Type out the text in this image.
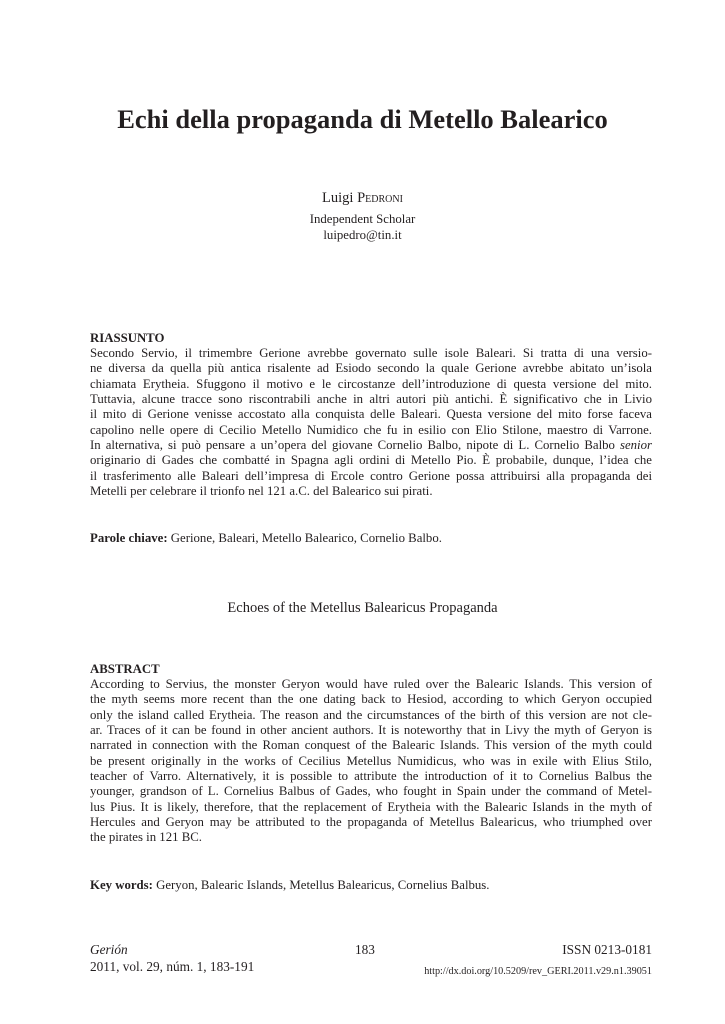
Echi della propaganda di Metello Balearico
Luigi Pedroni
Independent Scholar
luipedro@tin.it
RIASSUNTO
Secondo Servio, il trimembre Gerione avrebbe governato sulle isole Baleari. Si tratta di una versio-
ne diversa da quella più antica risalente ad Esiodo secondo la quale Gerione avrebbe abitato un’isola
chiamata Erytheia. Sfuggono il motivo e le circostanze dell’introduzione di questa versione del mito.
Tuttavia, alcune tracce sono riscontrabili anche in altri autori più antichi. È significativo che in Livio
il mito di Gerione venisse accostato alla conquista delle Baleari. Questa versione del mito forse faceva
capolino nelle opere di Cecilio Metello Numidico che fu in esilio con Elio Stilone, maestro di Varrone.
In alternativa, si può pensare a un’opera del giovane Cornelio Balbo, nipote di L. Cornelio Balbo senior
originario di Gades che combatté in Spagna agli ordini di Metello Pio. È probabile, dunque, l’idea che
il trasferimento alle Baleari dell’impresa di Ercole contro Gerione possa attribuirsi alla propaganda dei
Metelli per celebrare il trionfo nel 121 a.C. del Balearico sui pirati.
Parole chiave: Gerione, Baleari, Metello Balearico, Cornelio Balbo.
Echoes of the Metellus Balearicus Propaganda
ABSTRACT
According to Servius, the monster Geryon would have ruled over the Balearic Islands. This version of
the myth seems more recent than the one dating back to Hesiod, according to which Geryon occupied
only the island called Erytheia. The reason and the circumstances of the birth of this version are not cle-
ar. Traces of it can be found in other ancient authors. It is noteworthy that in Livy the myth of Geryon is
narrated in connection with the Roman conquest of the Balearic Islands. This version of the myth could
be present originally in the works of Cecilius Metellus Numidicus, who was in exile with Elius Stilo,
teacher of Varro. Alternatively, it is possible to attribute the introduction of it to Cornelius Balbus the
younger, grandson of L. Cornelius Balbus of Gades, who fought in Spain under the command of Metel-
lus Pius. It is likely, therefore, that the replacement of Erytheia with the Balearic Islands in the myth of
Hercules and Geryon may be attributed to the propaganda of Metellus Balearicus, who triumphed over
the pirates in 121 BC.
Key words: Geryon, Balearic Islands, Metellus Balearicus, Cornelius Balbus.
Gerión
2011, vol. 29, núm. 1, 183-191
183	ISSN 0213-0181
http://dx.doi.org/10.5209/rev_GERI.2011.v29.n1.39051
